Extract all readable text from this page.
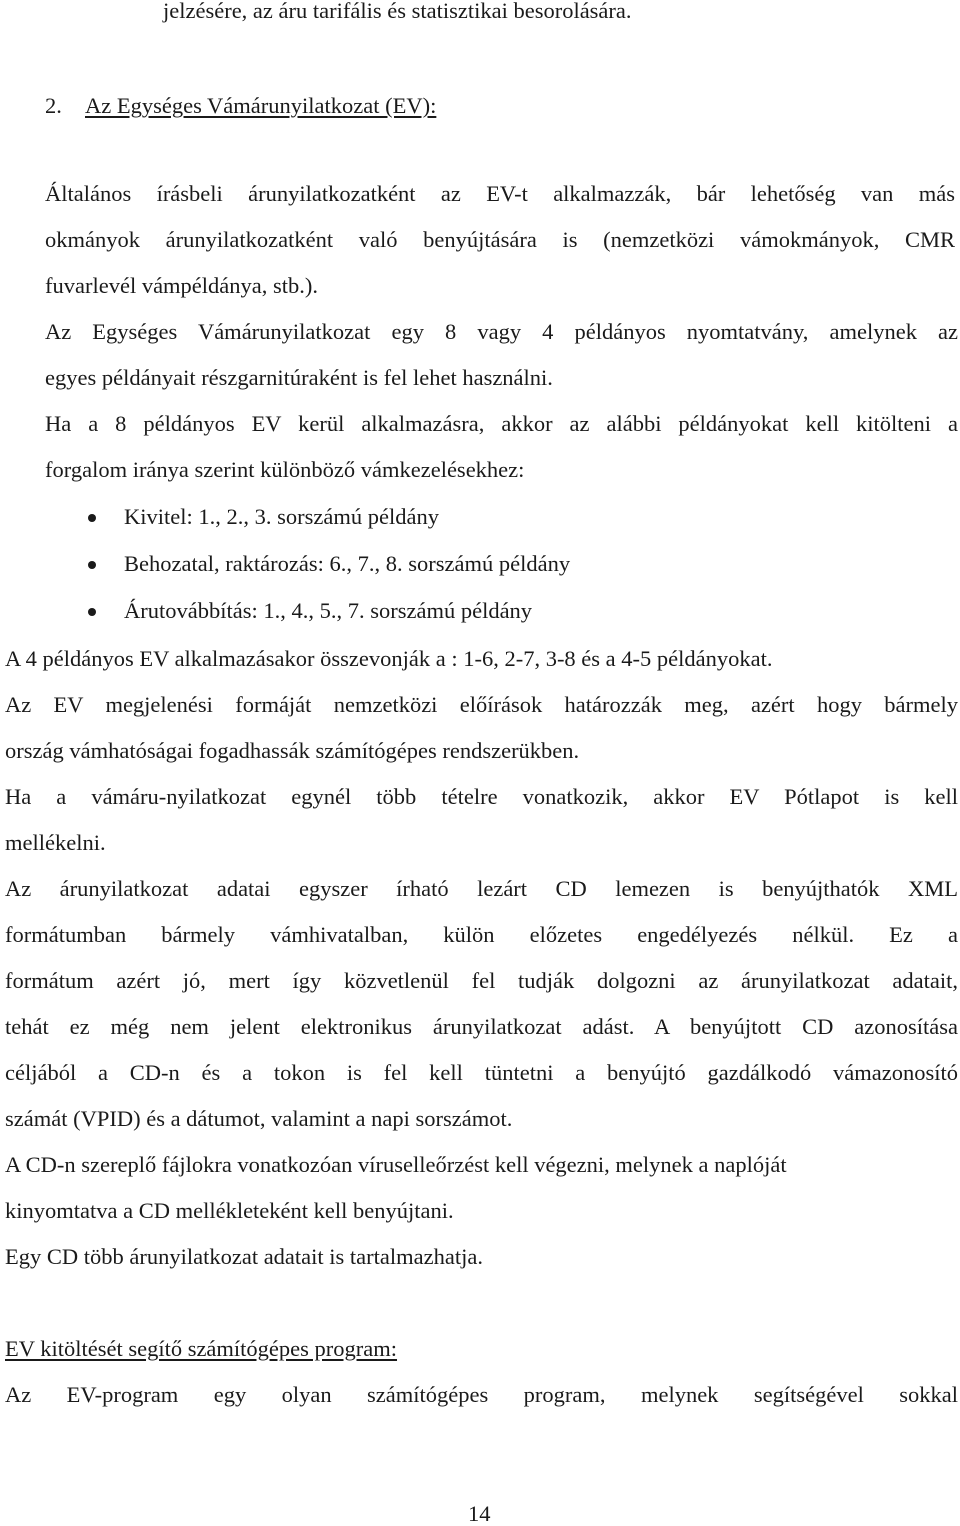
jelzésére, az áru tarifális és statisztikai besorolására.
2. Az Egységes Vámárunyilatkozat (EV):
Általános írásbeli árunyilatkozatként az EV-t alkalmazzák, bár lehetőség van más
okmányok árunyilatkozatként való benyújtására is (nemzetközi vámokmányok, CMR
fuvarlevél vámpéldánya, stb.).
Az Egységes Vámárunyilatkozat egy 8 vagy 4 példányos nyomtatvány, amelynek az
egyes példányait részgarnitúraként is fel lehet használni.
Ha a 8 példányos EV kerül alkalmazásra, akkor az alábbi példányokat kell kitölteni a
forgalom iránya szerint különböző vámkezelésekhez:
Kivitel: 1., 2., 3. sorszámú példány
Behozatal, raktározás: 6., 7., 8. sorszámú példány
Árutovábbítás: 1., 4., 5., 7. sorszámú példány
A 4 példányos EV alkalmazásakor összevonják a : 1-6, 2-7, 3-8 és a 4-5 példányokat.
Az EV megjelenési formáját nemzetközi előírások határozzák meg, azért hogy bármely
ország vámhatóságai fogadhassák számítógépes rendszerükben.
Ha a vámáru-nyilatkozat egynél több tételre vonatkozik, akkor EV Pótlapot is kell
mellékelni.
Az árunyilatkozat adatai egyszer írható lezárt CD lemezen is benyújthatók XML
formátumban bármely vámhivatalban, külön előzetes engedélyezés nélkül. Ez a
formátum azért jó, mert így közvetlenül fel tudják dolgozni az árunyilatkozat adatait,
tehát ez még nem jelent elektronikus árunyilatkozat adást. A benyújtott CD azonosítása
céljából a CD-n és a tokon is fel kell tüntetni a benyújtó gazdálkodó vámazonosító
számát (VPID) és a dátumot, valamint a napi sorszámot.
A CD-n szereplő fájlokra vonatkozóan víruselleőrzést kell végezni, melynek a naplóját
kinyomtatva a CD mellékleteként kell benyújtani.
Egy CD több árunyilatkozat adatait is tartalmazhatja.
EV kitöltését segítő számítógépes program:
Az EV-program egy olyan számítógépes program, melynek segítségével sokkal
14
